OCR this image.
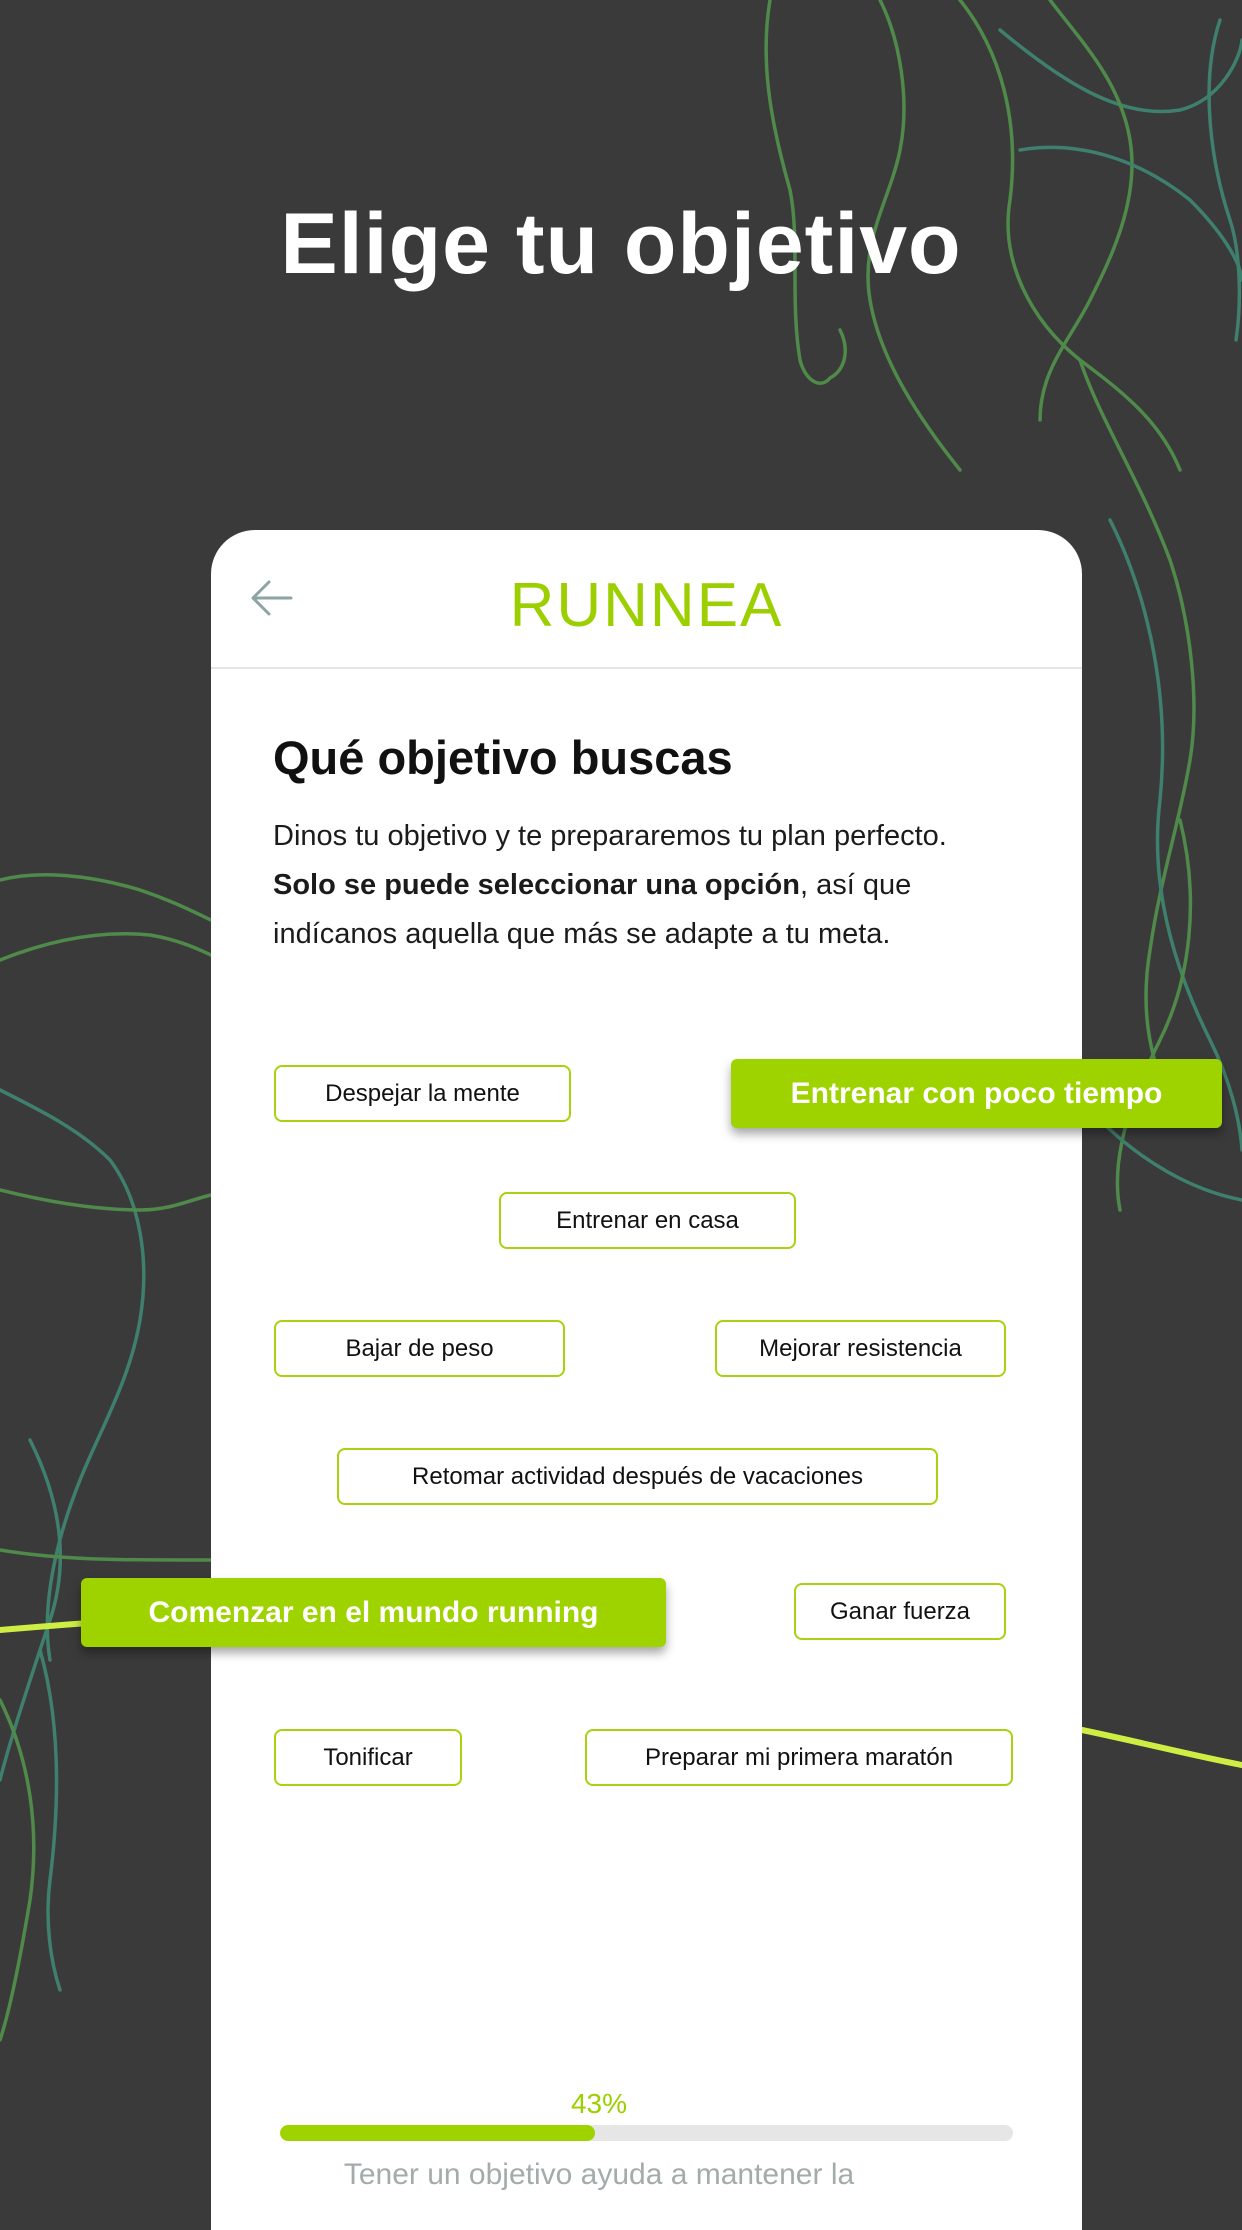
Elige tu objetivo
RUNNEA
Qué objetivo buscas

Dinos tu objetivo y te prepararemos tu plan perfecto. Solo se puede seleccionar una opción, así que indícanos aquella que más se adapte a tu meta.

Despejar la mente
Entrenar en casa
Bajar de peso	Mejorar resistencia
Retomar actividad después de vacaciones
Ganar fuerza
Tonificar	Preparar mi primera maratón
Entrenar con poco tiempo
Comenzar en el mundo running
43%
Tener un objetivo ayuda a mantener la
